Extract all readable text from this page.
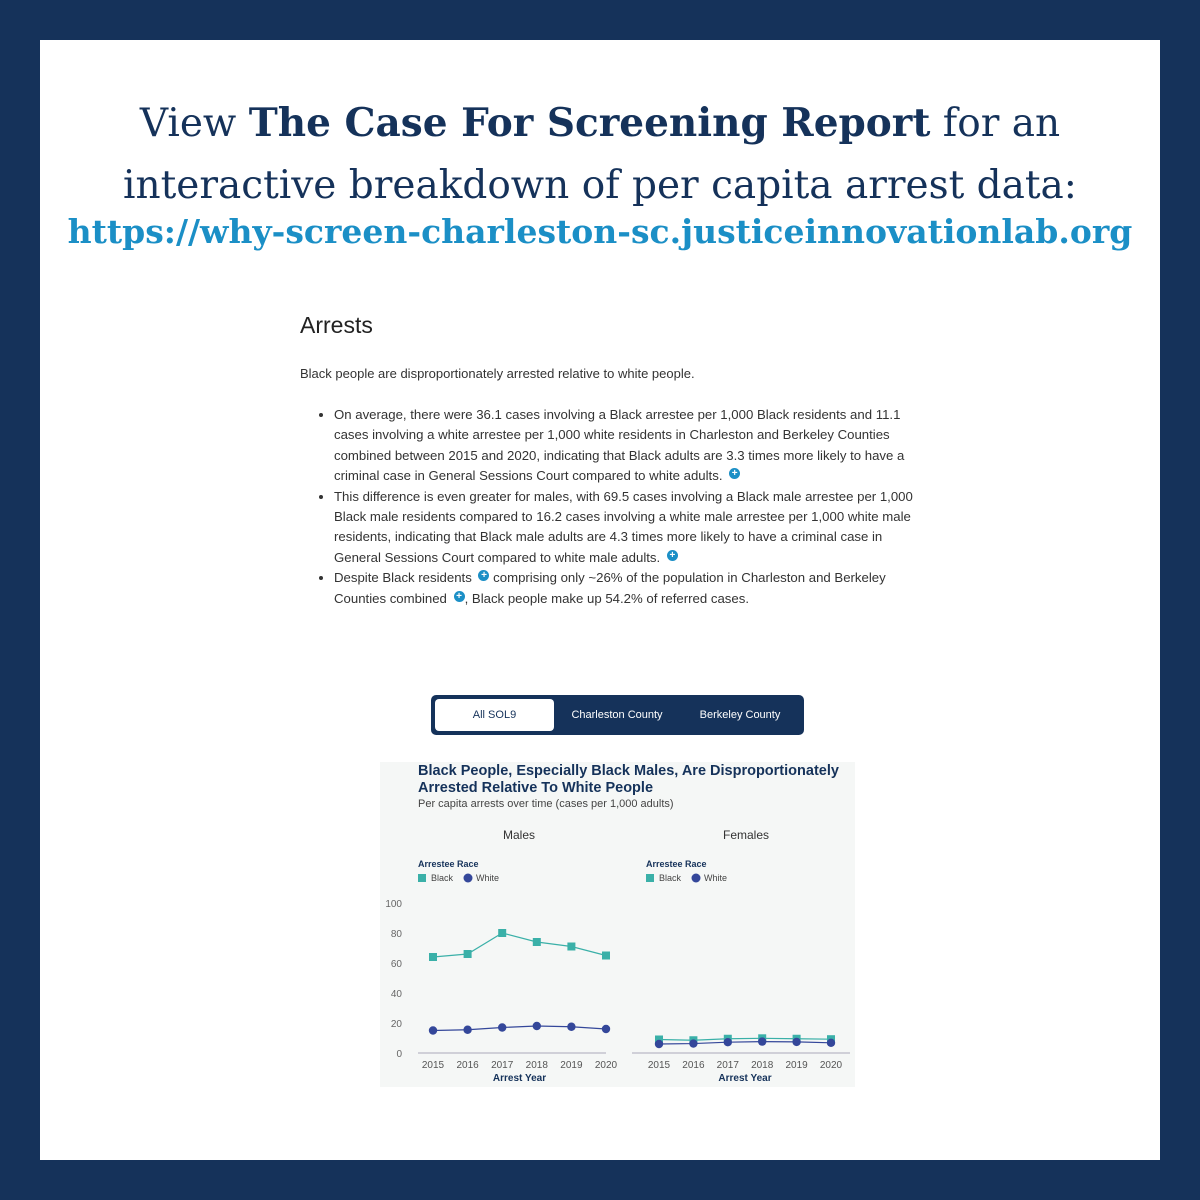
View The Case For Screening Report for an
interactive breakdown of per capita arrest data:
https://why-screen-charleston-sc.justiceinnovationlab.org
Arrests
Black people are disproportionately arrested relative to white people.
• On average, there were 36.1 cases involving a Black arrestee per 1,000 Black residents and 11.1 cases involving a white arrestee per 1,000 white residents in Charleston and Berkeley Counties combined between 2015 and 2020, indicating that Black adults are 3.3 times more likely to have a criminal case in General Sessions Court compared to white adults. +
• This difference is even greater for males, with 69.5 cases involving a Black male arrestee per 1,000 Black male residents compared to 16.2 cases involving a white male arrestee per 1,000 white male residents, indicating that Black male adults are 4.3 times more likely to have a criminal case in General Sessions Court compared to white male adults. +
• Despite Black residents + comprising only ~26% of the population in Charleston and Berkeley Counties combined + , Black people make up 54.2% of referred cases.
All SOL9	Charleston County	Berkeley County
Black People, Especially Black Males, Are Disproportionately Arrested Relative To White People
Per capita arrests over time (cases per 1,000 adults)
0
20
40
60
80
100
Males
Arrestee Race
Black	White
2015 2016 2017 2018 2019 2020
Arrest Year
Females
Arrestee Race
Black	White
2015 2016 2017 2018 2019 2020
Arrest Year
